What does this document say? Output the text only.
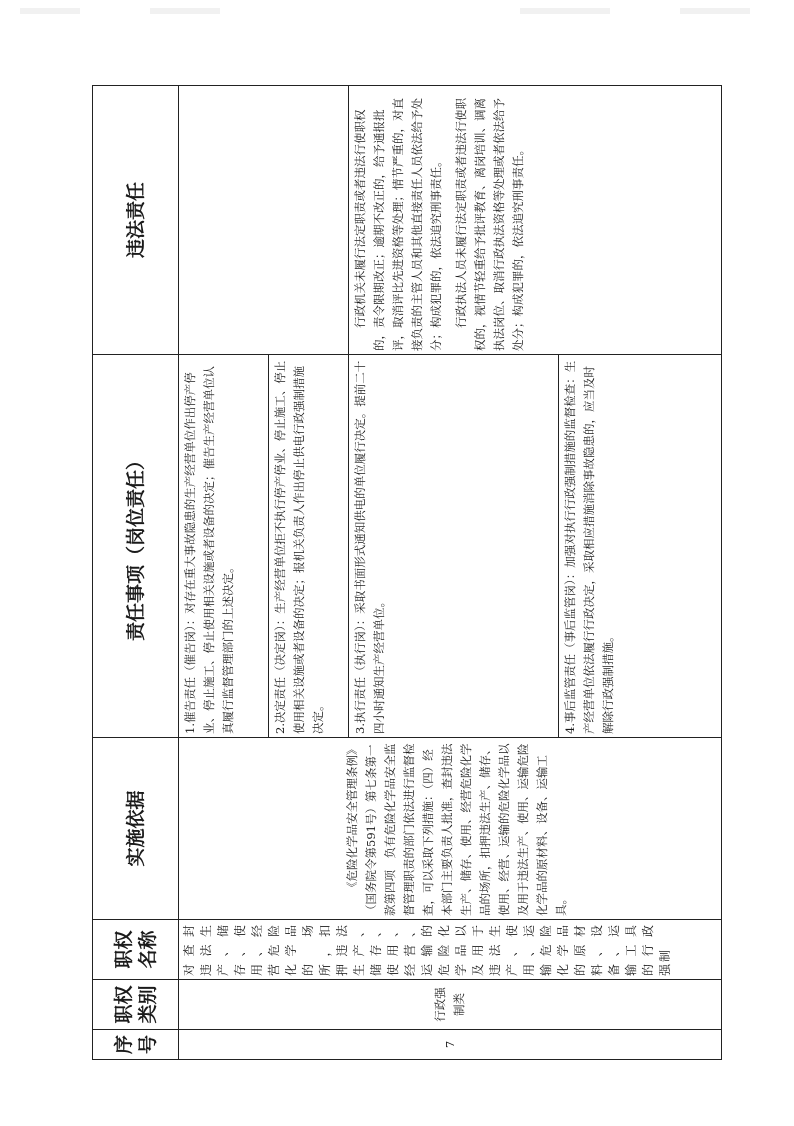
序号	职权类别	职权名称	实施依据	责任事项（岗位责任）	违法责任
7	行政强制类	对查封违法生产、储存、使用、经营危险化学品的场所，扣押违法生产、储存、使用、经营、运输的危险化学品以及用于违法生产、使用、运输危险化学品的原材料、设备、运输工具的行政强制	《危险化学品安全管理条例》（国务院令第591号）第七条第一款第四项　负有危险化学品安全监督管理职责的部门依法进行监督检查，可以采取下列措施：（四）经本部门主要负责人批准，查封违法生产、储存、使用、经营危险化学品的场所，扣押违法生产、储存、使用、经营、运输的危险化学品以及用于违法生产、使用、运输危险化学品的原材料、设备、运输工具。	1.催告责任（催告岗）：对存在重大事故隐患的生产经营单位作出停产停业、停止施工、停止使用相关设施或者设备的决定；催告生产经营单位认真履行监督管理部门的上述决定。	
				2.决定责任（决定岗）：生产经营单位拒不执行停产停业、停止施工、停止使用相关设施或者设备的决定；报机关负责人作出停止供电行政强制措施决定。	
				3.执行责任（执行岗）：采取书面形式通知供电的单位履行决定。提前二十四小时通知生产经营单位。	行政机关未履行法定职责或者违法行使职权的，责令限期改正；逾期不改正的，给予通报批评，取消评比先进资格等处理；情节严重的，对直接负责的主管人员和其他直接责任人员依法给予处分；构成犯罪的，依法追究刑事责任。 行政执法人员未履行法定职责或者违法行使职权的，视情节轻重给予批评教育、离岗培训、调离执法岗位、取消行政执法资格等处理或者依法给予处分；构成犯罪的，依法追究刑事责任。

				4.事后监管责任（事后监管岗）：加强对执行行政强制措施的监督检查：生产经营单位依法履行行政决定，采取相应措施消除事故隐患的，应当及时解除行政强制措施。	
